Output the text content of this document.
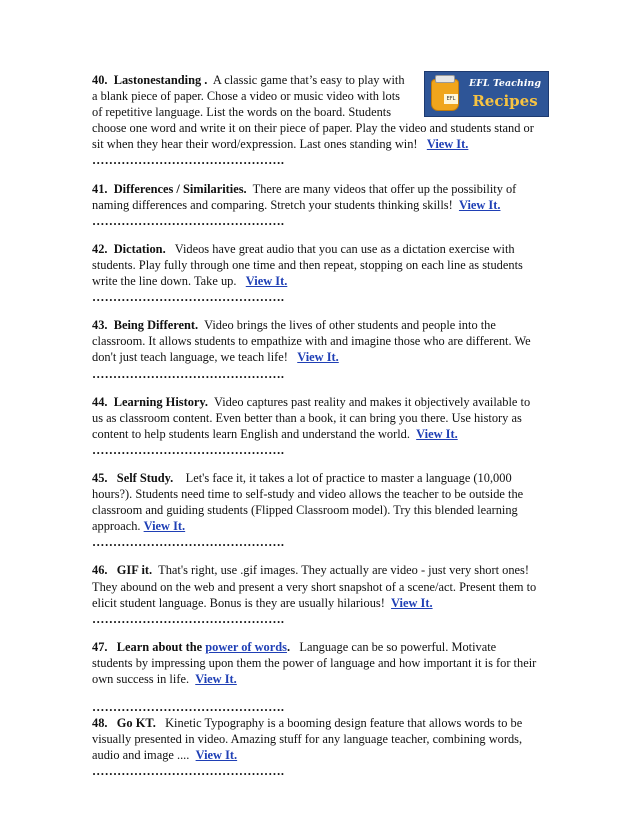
EFL
EFL Teaching
Recipes
40. Lastonestanding . A classic game that’s easy to play with
a blank piece of paper. Chose a video or music video with lots
of repetitive language. List the words on the board. Students
choose one word and write it on their piece of paper. Play the video and students stand or
sit when they hear their word/expression. Last ones standing win! View It.
……………………………………….
41. Differences / Similarities. There are many videos that offer up the possibility of
naming differences and comparing. Stretch your students thinking skills! View It.
……………………………………….
42. Dictation. Videos have great audio that you can use as a dictation exercise with
students. Play fully through one time and then repeat, stopping on each line as students
write the line down. Take up. View It.
……………………………………….
43. Being Different. Video brings the lives of other students and people into the
classroom. It allows students to empathize with and imagine those who are different. We
don't just teach language, we teach life! View It.
……………………………………….
44. Learning History. Video captures past reality and makes it objectively available to
us as classroom content. Even better than a book, it can bring you there. Use history as
content to help students learn English and understand the world. View It.
……………………………………….
45. Self Study. Let's face it, it takes a lot of practice to master a language (10,000
hours?). Students need time to self-study and video allows the teacher to be outside the
classroom and guiding students (Flipped Classroom model). Try this blended learning
approach. View It.
……………………………………….
46. GIF it. That's right, use .gif images. They actually are video - just very short ones!
They abound on the web and present a very short snapshot of a scene/act. Present them to
elicit student language. Bonus is they are usually hilarious! View It.
……………………………………….
47. Learn about the power of words. Language can be so powerful. Motivate
students by impressing upon them the power of language and how important it is for their
own success in life. View It.
……………………………………….
48. Go KT. Kinetic Typography is a booming design feature that allows words to be
visually presented in video. Amazing stuff for any language teacher, combining words,
audio and image .... View It.
……………………………………….
